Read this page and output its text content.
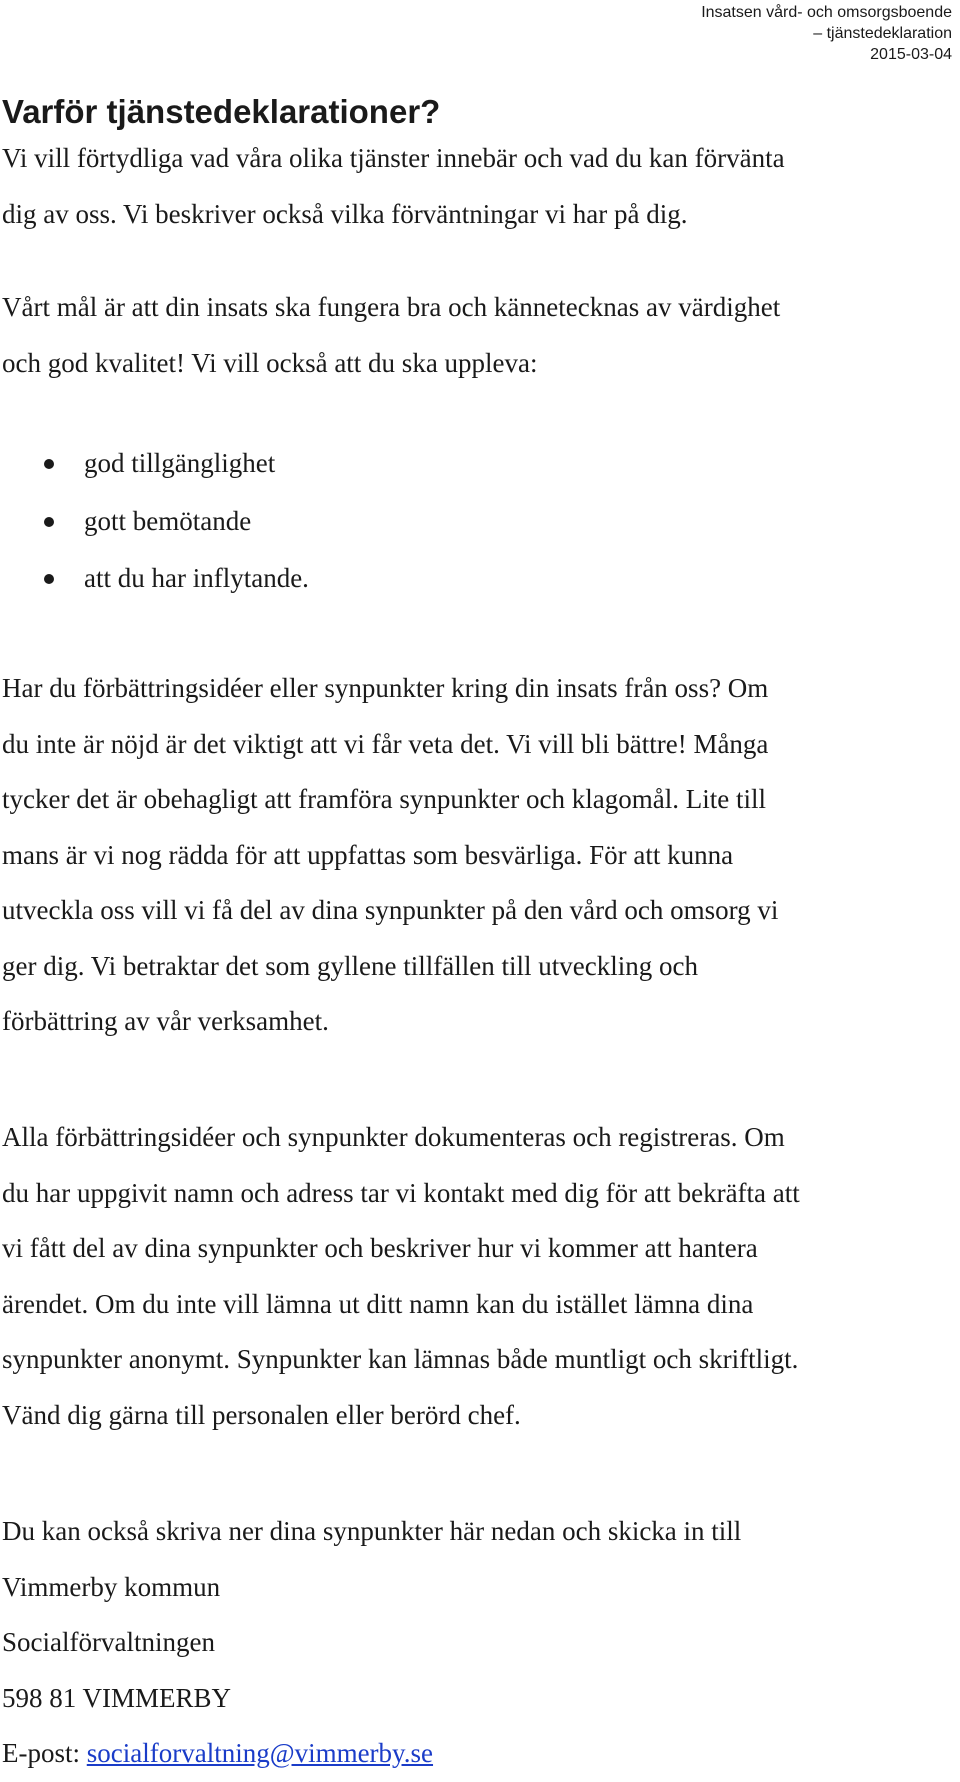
Insatsen vård- och omsorgsboende
– tjänstedeklaration
2015-03-04
Varför tjänstedeklarationer?
Vi vill förtydliga vad våra olika tjänster innebär och vad du kan förvänta
dig av oss. Vi beskriver också vilka förväntningar vi har på dig.
Vårt mål är att din insats ska fungera bra och kännetecknas av värdighet
och god kvalitet! Vi vill också att du ska uppleva:
god tillgänglighet
gott bemötande
att du har inflytande.
Har du förbättringsidéer eller synpunkter kring din insats från oss? Om
du inte är nöjd är det viktigt att vi får veta det. Vi vill bli bättre! Många
tycker det är obehagligt att framföra synpunkter och klagomål. Lite till
mans är vi nog rädda för att uppfattas som besvärliga. För att kunna
utveckla oss vill vi få del av dina synpunkter på den vård och omsorg vi
ger dig. Vi betraktar det som gyllene tillfällen till utveckling och
förbättring av vår verksamhet.
Alla förbättringsidéer och synpunkter dokumenteras och registreras. Om
du har uppgivit namn och adress tar vi kontakt med dig för att bekräfta att
vi fått del av dina synpunkter och beskriver hur vi kommer att hantera
ärendet. Om du inte vill lämna ut ditt namn kan du istället lämna dina
synpunkter anonymt. Synpunkter kan lämnas både muntligt och skriftligt.
Vänd dig gärna till personalen eller berörd chef.
Du kan också skriva ner dina synpunkter här nedan och skicka in till
Vimmerby kommun
Socialförvaltningen
598 81 VIMMERBY
E-post: socialforvaltning@vimmerby.se
